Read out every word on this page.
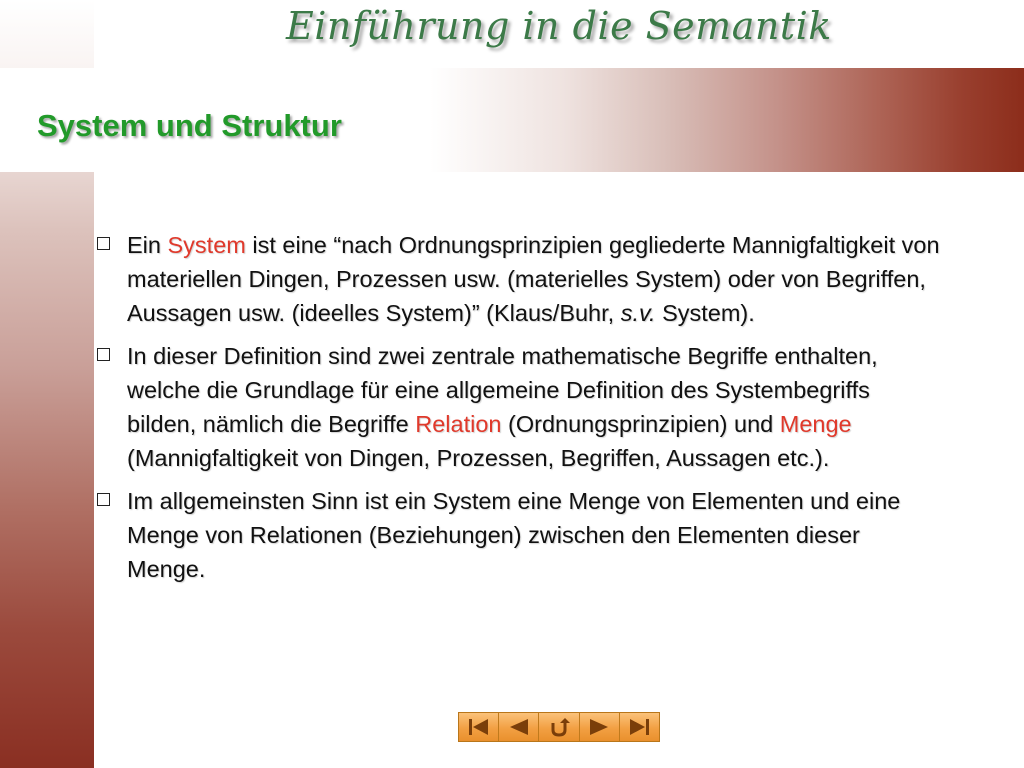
Einführung in die Semantik
System und Struktur
Ein System ist eine “nach Ordnungsprinzipien gegliederte Mannigfaltigkeit von materiellen Dingen, Prozessen usw. (materielles System) oder von Begriffen, Aussagen usw. (ideelles System)” (Klaus/Buhr, s.v. System).
In dieser Definition sind zwei zentrale mathematische Begriffe enthalten, welche die Grundlage für eine allgemeine Definition des Systembegriffs bilden, nämlich die Begriffe Relation (Ordnungsprinzipien) und Menge (Mannigfaltigkeit von Dingen, Prozessen, Begriffen, Aussagen etc.).
Im allgemeinsten Sinn ist ein System eine Menge von Elementen und eine Menge von Relationen (Beziehungen) zwischen den Elementen dieser Menge.
